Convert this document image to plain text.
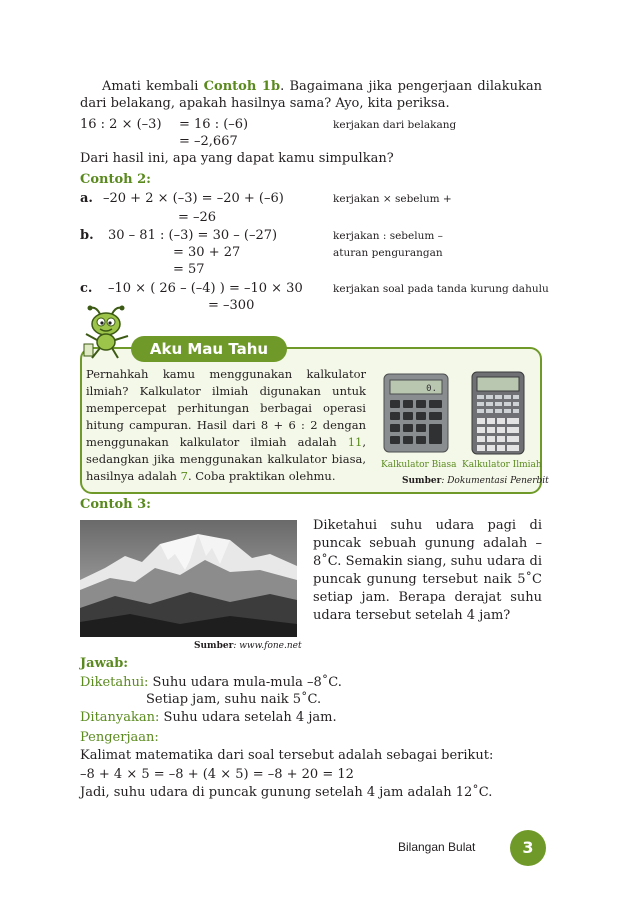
Amati kembali Contoh 1b. Bagaimana jika pengerjaan dilakukan dari belakang, apakah hasilnya sama? Ayo, kita periksa.
16 : 2 × (–3) = 16 : (–6)	kerjakan dari belakang
= –2,667
Dari hasil ini, apa yang dapat kamu simpulkan?
Contoh 2:
a. –20 + 2 × (–3) = –20 + (–6)	kerjakan × sebelum +
= –26
b. 30 – 81 : (–3) = 30 – (–27)	kerjakan : sebelum –
= 30 + 27	aturan pengurangan
= 57
c. –10 × ( 26 – (–4) ) = –10 × 30	kerjakan soal pada tanda kurung dahulu
= –300
Aku Mau Tahu
Pernahkah kamu menggunakan kalkulator ilmiah? Kalkulator ilmiah digunakan untuk mempercepat perhitungan berbagai operasi hitung campuran. Hasil dari 8 + 6 : 2 dengan menggunakan kalkulator ilmiah adalah 11, sedangkan jika menggunakan kalkulator biasa, hasilnya adalah 7. Coba praktikan olehmu.
0.
Kalkulator Biasa Kalkulator Ilmiah
Sumber: Dokumentasi Penerbit
Contoh 3:
Sumber: www.fone.net
Diketahui suhu udara pagi di puncak sebuah gunung adalah –8˚C. Semakin siang, suhu udara di puncak gunung tersebut naik 5˚C setiap jam. Berapa derajat suhu udara tersebut setelah 4 jam?
Jawab:
Diketahui: Suhu udara mula-mula –8˚C.
Setiap jam, suhu naik 5˚C.
Ditanyakan: Suhu udara setelah 4 jam.
Pengerjaan:
Kalimat matematika dari soal tersebut adalah sebagai berikut:
–8 + 4 × 5 = –8 + (4 × 5) = –8 + 20 = 12
Jadi, suhu udara di puncak gunung setelah 4 jam adalah 12˚C.
Bilangan Bulat	3
